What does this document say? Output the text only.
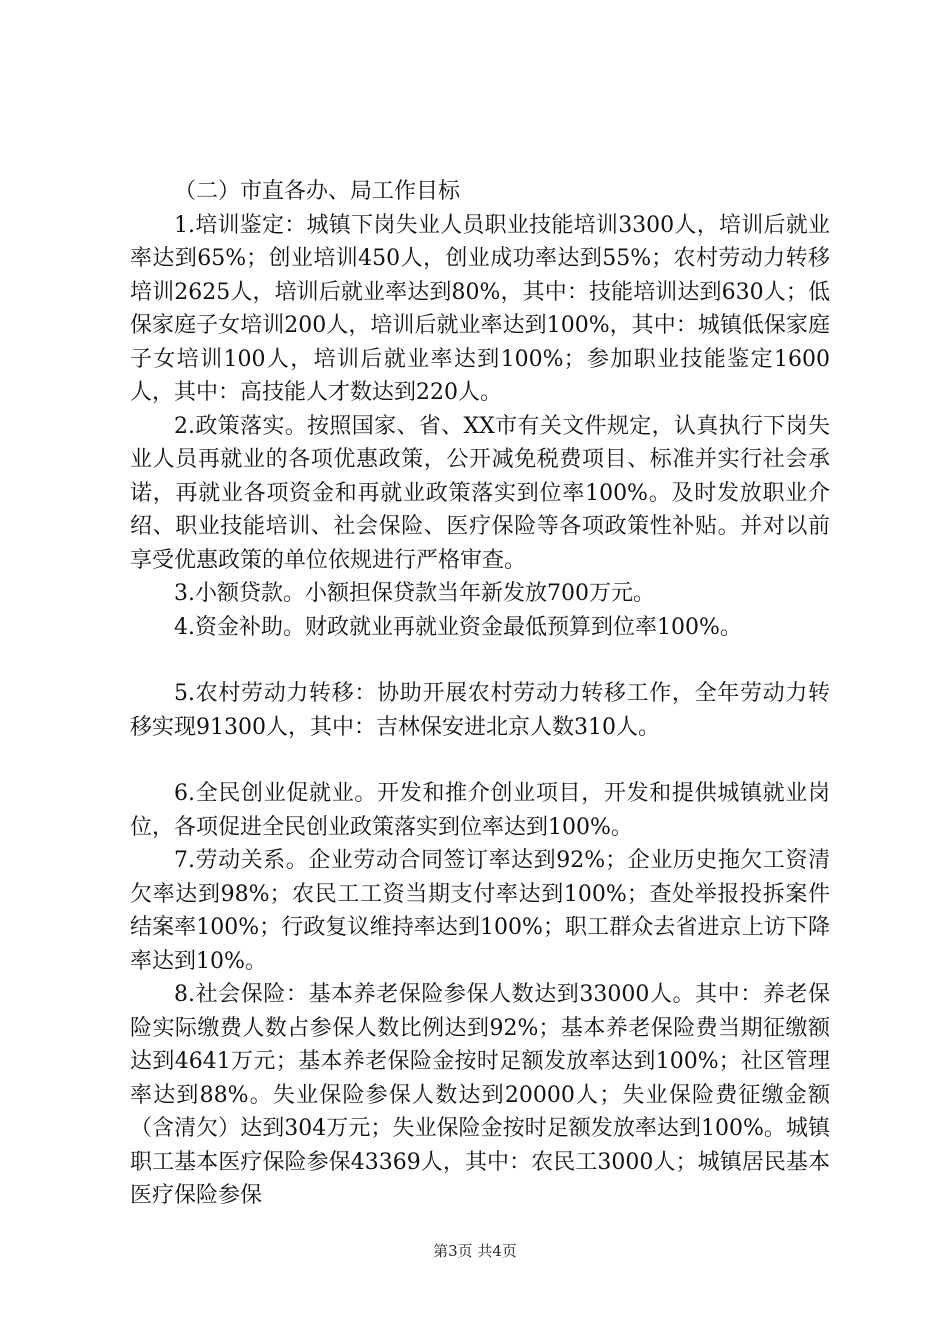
（二）市直各办、局工作目标

1.培训鉴定：城镇下岗失业人员职业技能培训3300人，培训后就业率达到65%；创业培训450人，创业成功率达到55%；农村劳动力转移培训2625人，培训后就业率达到80%，其中：技能培训达到630人；低保家庭子女培训200人，培训后就业率达到100%，其中：城镇低保家庭子女培训100人，培训后就业率达到100%；参加职业技能鉴定1600人，其中：高技能人才数达到220人。

2.政策落实。按照国家、省、XX市有关文件规定，认真执行下岗失业人员再就业的各项优惠政策，公开减免税费项目、标准并实行社会承诺，再就业各项资金和再就业政策落实到位率100%。及时发放职业介绍、职业技能培训、社会保险、医疗保险等各项政策性补贴。并对以前享受优惠政策的单位依规进行严格审查。

3.小额贷款。小额担保贷款当年新发放700万元。

4.资金补助。财政就业再就业资金最低预算到位率100%。

5.农村劳动力转移：协助开展农村劳动力转移工作，全年劳动力转移实现91300人，其中：吉林保安进北京人数310人。

6.全民创业促就业。开发和推介创业项目，开发和提供城镇就业岗位，各项促进全民创业政策落实到位率达到100%。

7.劳动关系。企业劳动合同签订率达到92%；企业历史拖欠工资清欠率达到98%；农民工工资当期支付率达到100%；查处举报投拆案件结案率100%；行政复议维持率达到100%；职工群众去省进京上访下降率达到10%。

8.社会保险：基本养老保险参保人数达到33000人。其中：养老保险实际缴费人数占参保人数比例达到92%；基本养老保险费当期征缴额达到4641万元；基本养老保险金按时足额发放率达到100%；社区管理率达到88%。失业保险参保人数达到20000人；失业保险费征缴金额（含清欠）达到304万元；失业保险金按时足额发放率达到100%。城镇职工基本医疗保险参保43369人，其中：农民工3000人；城镇居民基本医疗保险参保

第3页 共4页
